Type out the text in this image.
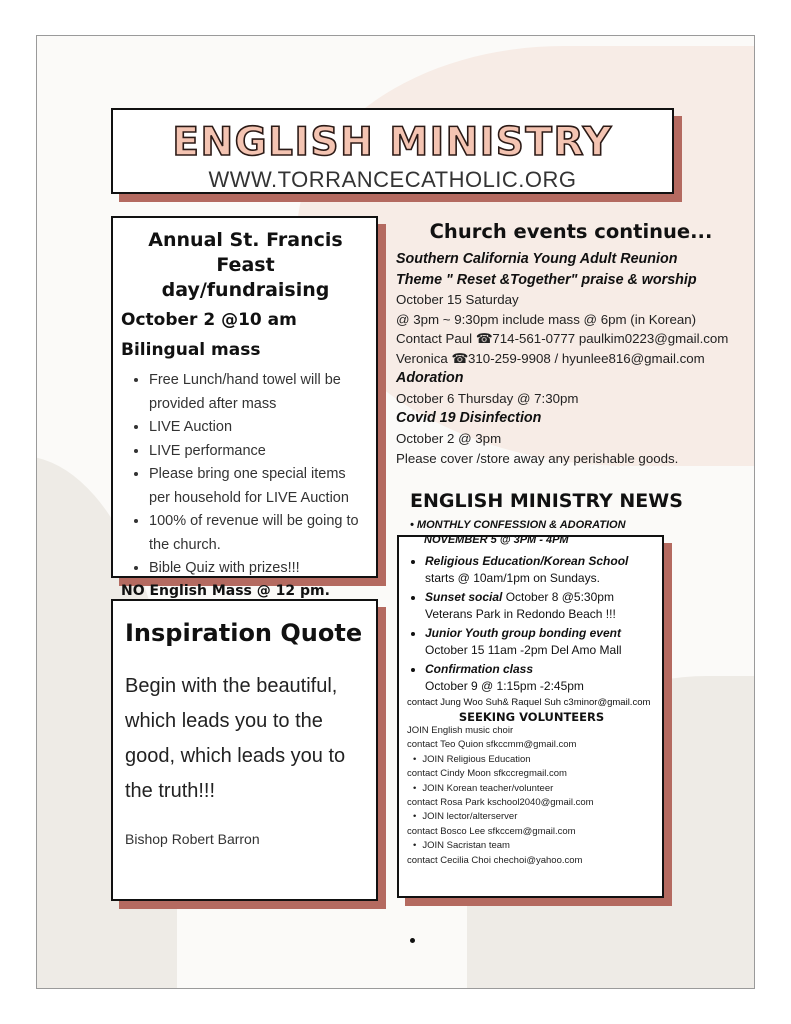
ENGLISH MINISTRY
WWW.TORRANCECATHOLIC.ORG
Annual St. Francis Feast
day/fundraising
October 2 @10 am
Bilingual mass
• Free Lunch/hand towel will be provided after mass
• LIVE Auction
• LIVE performance
• Please bring one special items per household for LIVE Auction
• 100% of revenue will be going to the church.
• Bible Quiz with prizes!!!
NO English Mass @ 12 pm.
Inspiration Quote
Begin with the beautiful, which leads you to the good, which leads you to the truth!!!
Bishop Robert Barron
Church events continue...
Southern California Young Adult Reunion
Theme " Reset &Together" praise & worship
October 15 Saturday
@ 3pm ~ 9:30pm include mass @ 6pm (in Korean)
Contact Paul ☎714-561-0777 paulkim0223@gmail.com
Veronica ☎310-259-9908 / hyunlee816@gmail.com
Adoration
October 6 Thursday @ 7:30pm
Covid 19 Disinfection
October 2 @ 3pm
Please cover /store away any perishable goods.
ENGLISH MINISTRY NEWS
• Religious Education/Korean School
starts @ 10am/1pm on Sundays.
• Sunset social October 8 @5:30pm
Veterans Park in Redondo Beach !!!
• Junior Youth group bonding event
October 15 11am -2pm Del Amo Mall
• Confirmation class
October 9 @ 1:15pm -2:45pm
contact Jung Woo Suh& Raquel Suh c3minor@gmail.com
SEEKING VOLUNTEERS
JOIN English music choir
contact Teo Quion sfkccmm@gmail.com
• JOIN Religious Education
contact Cindy Moon sfkccregmail.com
• JOIN Korean teacher/volunteer
contact Rosa Park kschool2040@gmail.com
• JOIN lector/alterserver
contact Bosco Lee sfkccem@gmail.com
• JOIN Sacristan team
contact Cecilia Choi chechoi@yahoo.com
• MONTHLY CONFESSION & ADORATION
NOVEMBER 5 @ 3PM - 4PM
